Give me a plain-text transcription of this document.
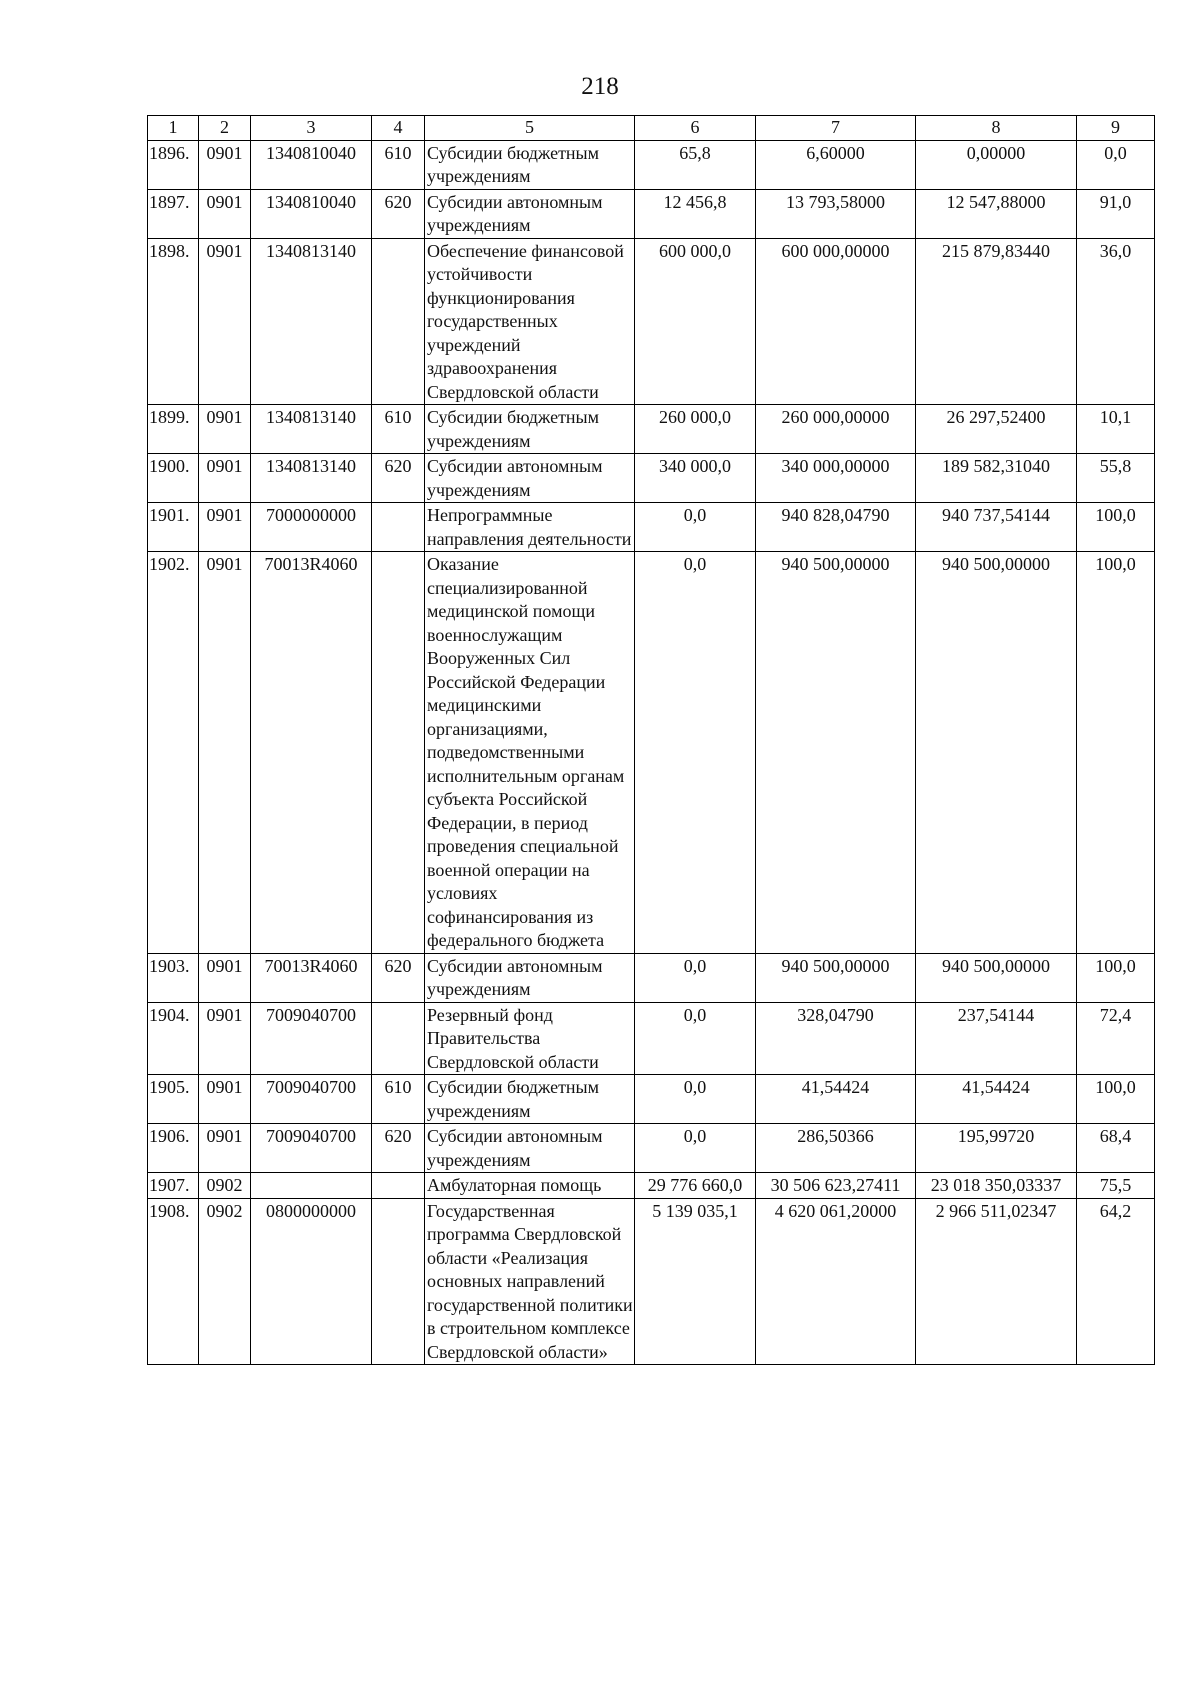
218
1	2	3	4	5	6	7	8	9
1896.	0901	1340810040	610	Субсидии бюджетным учреждениям	65,8	6,60000	0,00000	0,0
1897.	0901	1340810040	620	Субсидии автономным учреждениям	12 456,8	13 793,58000	12 547,88000	91,0
1898.	0901	1340813140		Обеспечение финансовой устойчивости функционирования государственных учреждений здравоохранения Свердловской области	600 000,0	600 000,00000	215 879,83440	36,0
1899.	0901	1340813140	610	Субсидии бюджетным учреждениям	260 000,0	260 000,00000	26 297,52400	10,1
1900.	0901	1340813140	620	Субсидии автономным учреждениям	340 000,0	340 000,00000	189 582,31040	55,8
1901.	0901	7000000000		Непрограммные направления деятельности	0,0	940 828,04790	940 737,54144	100,0
1902.	0901	70013R4060		Оказание специализированной медицинской помощи военнослужащим Вооруженных Сил Российской Федерации медицинскими организациями, подведомственными исполнительным органам субъекта Российской Федерации, в период проведения специальной военной операции на условиях софинансирования из федерального бюджета	0,0	940 500,00000	940 500,00000	100,0
1903.	0901	70013R4060	620	Субсидии автономным учреждениям	0,0	940 500,00000	940 500,00000	100,0
1904.	0901	7009040700		Резервный фонд Правительства Свердловской области	0,0	328,04790	237,54144	72,4
1905.	0901	7009040700	610	Субсидии бюджетным учреждениям	0,0	41,54424	41,54424	100,0
1906.	0901	7009040700	620	Субсидии автономным учреждениям	0,0	286,50366	195,99720	68,4
1907.	0902			Амбулаторная помощь	29 776 660,0	30 506 623,27411	23 018 350,03337	75,5
1908.	0902	0800000000		Государственная программа Свердловской области «Реализация основных направлений государственной политики в строительном комплексе Свердловской области»	5 139 035,1	4 620 061,20000	2 966 511,02347	64,2
